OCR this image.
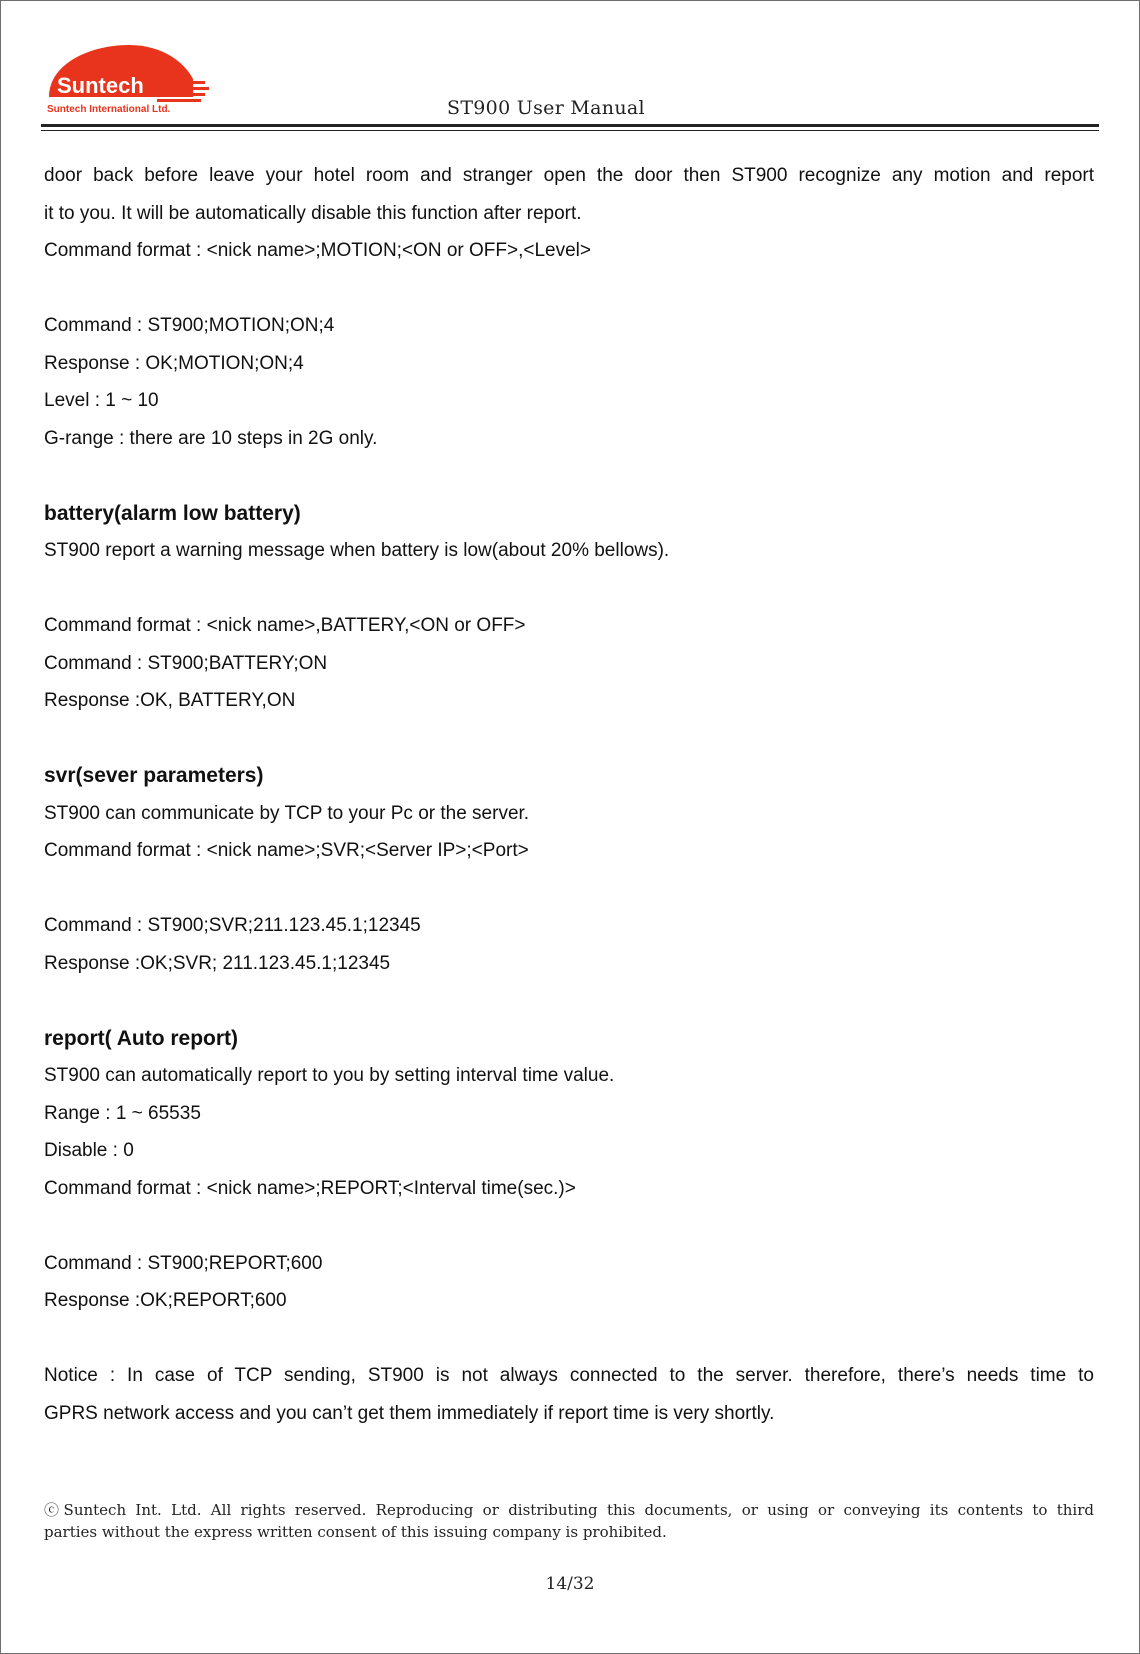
Suntech
Suntech International Ltd.	ST900 User Manual
door back before leave your hotel room and stranger open the door then ST900 recognize any motion and report
it to you. It will be automatically disable this function after report.
Command format : <nick name>;MOTION;<ON or OFF>,<Level>
Command : ST900;MOTION;ON;4
Response : OK;MOTION;ON;4
Level : 1 ~ 10
G-range : there are 10 steps in 2G only.
battery(alarm low battery)
ST900 report a warning message when battery is low(about 20% bellows).
Command format : <nick name>,BATTERY,<ON or OFF>
Command : ST900;BATTERY;ON
Response :OK, BATTERY,ON
svr(sever parameters)
ST900 can communicate by TCP to your Pc or the server.
Command format : <nick name>;SVR;<Server IP>;<Port>
Command : ST900;SVR;211.123.45.1;12345
Response :OK;SVR; 211.123.45.1;12345
report( Auto report)
ST900 can automatically report to you by setting interval time value.
Range : 1 ~ 65535
Disable : 0
Command format : <nick name>;REPORT;<Interval time(sec.)>
Command : ST900;REPORT;600
Response :OK;REPORT;600
Notice : In case of TCP sending, ST900 is not always connected to the server. therefore, there’s needs time to
GPRS network access and you can’t get them immediately if report time is very shortly.
ⓒSuntech Int. Ltd. All rights reserved. Reproducing or distributing this documents, or using or conveying its contents to third
parties without the express written consent of this issuing company is prohibited.
14/32
